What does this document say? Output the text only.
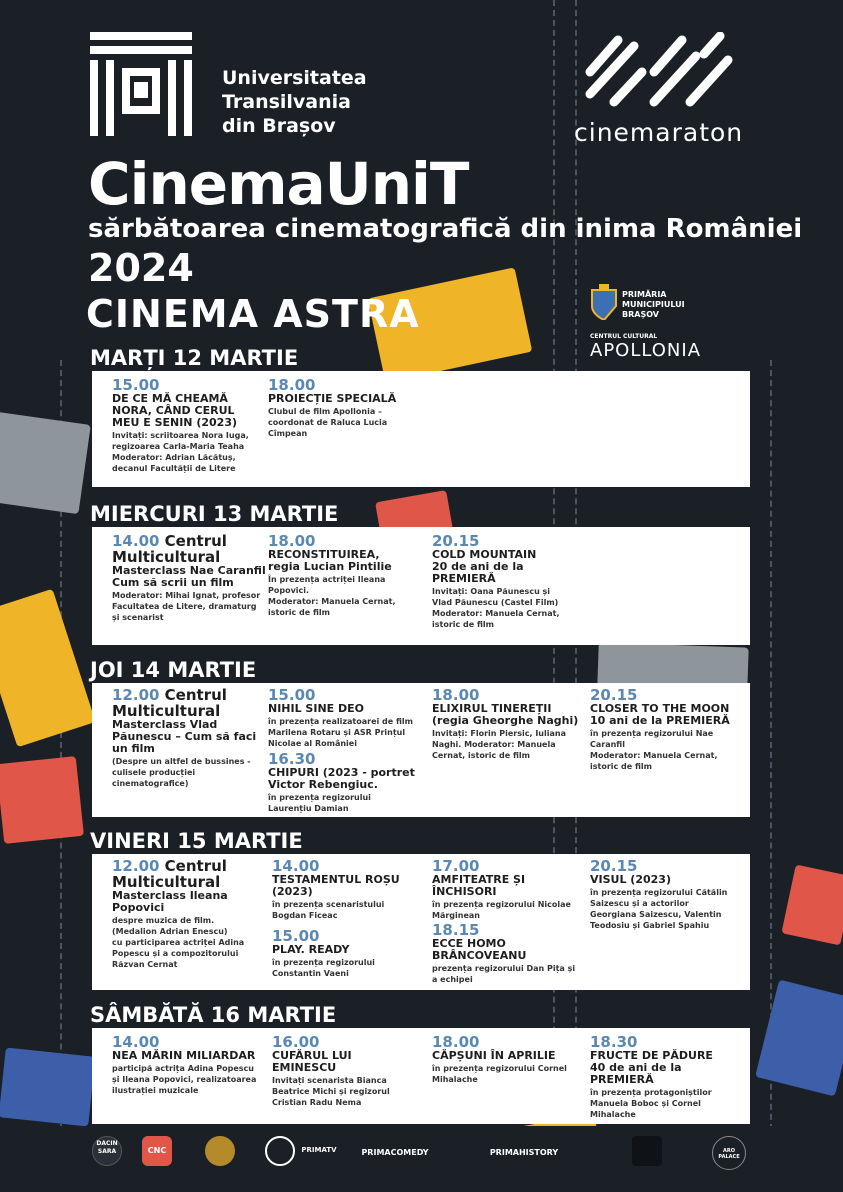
Universitatea
Transilvania
din Brașov	cinemaraton
CinemaUniT
sărbătoarea cinematografică din inima României
2024
CINEMA ASTRA	PRIMĂRIA
MUNICIPIULUI
BRAȘOV
CENTRUL CULTURAL
APOLLONIA
MARȚI 12 MARTIE
15.00
DE CE MĂ CHEAMĂ
NORA, CÂND CERUL
MEU E SENIN (2023)
Invitați: scriitoarea Nora Iuga,
regizoarea Carla-Maria Teaha
Moderator: Adrian Lăcătuș,
decanul Facultății de Litere
18.00
PROIECȚIE SPECIALĂ
Clubul de film Apollonia –
coordonat de Raluca Lucia
Cîmpean
MIERCURI 13 MARTIE
14.00 Centrul
Multicultural
Masterclass Nae Caranfil
Cum să scrii un film
Moderator: Mihai Ignat, profesor
Facultatea de Litere, dramaturg
și scenarist
18.00
RECONSTITUIREA,
regia Lucian Pintilie
În prezența actriței Ileana
Popovici.
Moderator: Manuela Cernat,
istoric de film
20.15
COLD MOUNTAIN
20 de ani de la
PREMIERĂ
Invitați: Oana Păunescu și
Vlad Păunescu (Castel Film)
Moderator: Manuela Cernat,
istoric de film
JOI 14 MARTIE
12.00 Centrul
Multicultural
Masterclass Vlad
Păunescu – Cum să faci
un film
(Despre un altfel de bussines -
culisele producției
cinematografice)
15.00
NIHIL SINE DEO
în prezența realizatoarei de film
Marilena Rotaru și ASR Prințul
Nicolae al României
16.30
CHIPURI (2023 - portret
Victor Rebengiuc.
în prezența regizorului
Laurențiu Damian
18.00
ELIXIRUL TINEREȚII
(regia Gheorghe Naghi)
Invitați: Florin Piersic, Iuliana
Naghi. Moderator: Manuela
Cernat, istoric de film
20.15
CLOSER TO THE MOON
10 ani de la PREMIERĂ
în prezența regizorului Nae
Caranfil
Moderator: Manuela Cernat,
istoric de film
VINERI 15 MARTIE
12.00 Centrul
Multicultural
Masterclass Ileana
Popovici
despre muzica de film.
(Medalion Adrian Enescu)
cu participarea actriței Adina
Popescu și a compozitorului
Răzvan Cernat
14.00
TESTAMENTUL ROȘU
(2023)
în prezența scenaristului
Bogdan Ficeac
15.00
PLAY. READY
în prezența regizorului
Constantin Vaeni
17.00
AMFITEATRE ȘI
ÎNCHISORI
în prezența regizorului Nicolae
Mărginean
18.15
ECCE HOMO
BRÂNCOVEANU
prezența regizorului Dan Pița și
a echipei
20.15
VISUL (2023)
în prezența regizorului Cătălin
Saizescu și a actorilor
Georgiana Saizescu, Valentin
Teodosiu și Gabriel Spahiu
SÂMBĂTĂ 16 MARTIE
14.00
NEA MĂRIN MILIARDAR
participă actrița Adina Popescu
și Ileana Popovici, realizatoarea
ilustrației muzicale
16.00
CUFĂRUL LUI
EMINESCU
Invitați scenarista Bianca
Beatrice Michi și regizorul
Cristian Radu Nema
18.00
CĂPȘUNI ÎN APRILIE
în prezența regizorului Cornel
Mihalache
18.30
FRUCTE DE PĂDURE
40 de ani de la PREMIERĂ
în prezența protagoniștilor
Manuela Boboc și Cornel
Mihalache
DACIN
SARA	CNC	PRIMATV	PRIMACOMEDY	PRIMAHISTORY	ARO PALACE
